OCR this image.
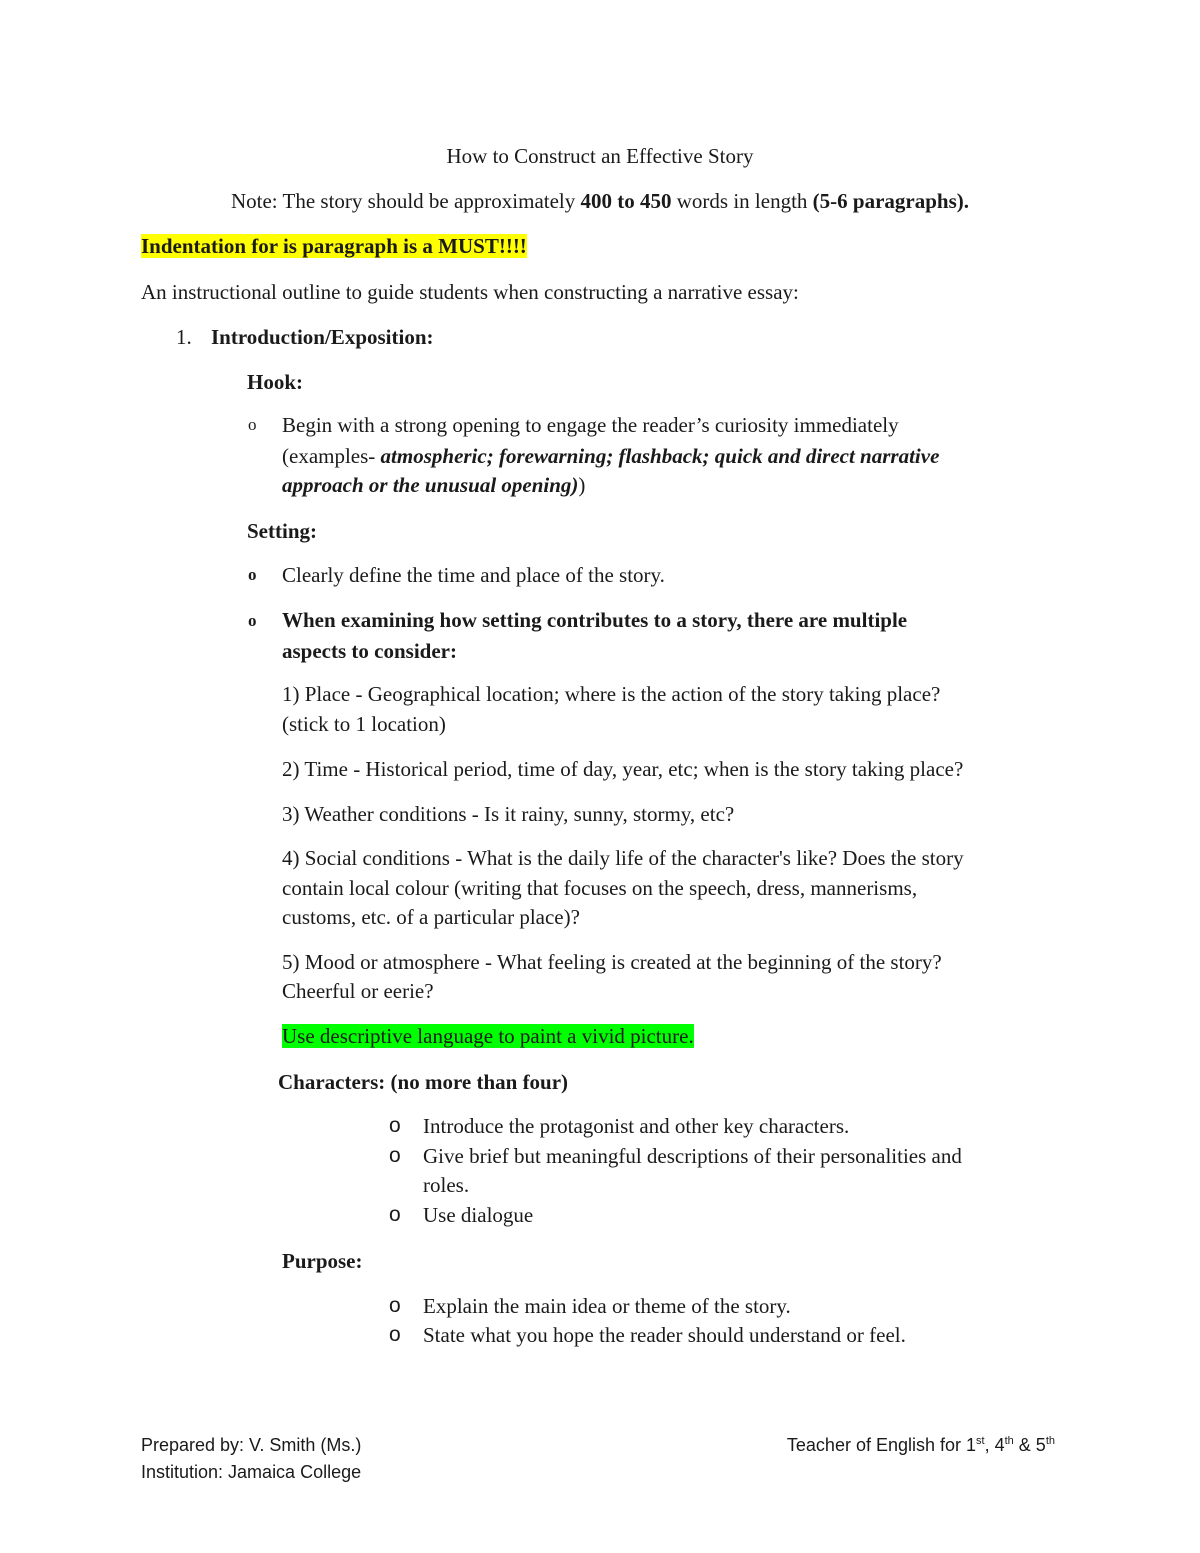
How to Construct an Effective Story
Note: The story should be approximately 400 to 450 words in length (5-6 paragraphs).
Indentation for is paragraph is a MUST!!!!
An instructional outline to guide students when constructing a narrative essay:
1. Introduction/Exposition:
Hook:
o Begin with a strong opening to engage the reader’s curiosity immediately
(examples- atmospheric; forewarning; flashback; quick and direct narrative
approach or the unusual opening))
Setting:
o Clearly define the time and place of the story.
o When examining how setting contributes to a story, there are multiple
aspects to consider:
1) Place - Geographical location; where is the action of the story taking place?
(stick to 1 location)
2) Time - Historical period, time of day, year, etc; when is the story taking place?
3) Weather conditions - Is it rainy, sunny, stormy, etc?
4) Social conditions - What is the daily life of the character's like? Does the story
contain local colour (writing that focuses on the speech, dress, mannerisms,
customs, etc. of a particular place)?
5) Mood or atmosphere - What feeling is created at the beginning of the story?
Cheerful or eerie?
Use descriptive language to paint a vivid picture.
Characters: (no more than four)
o Introduce the protagonist and other key characters.
o Give brief but meaningful descriptions of their personalities and
roles.
o Use dialogue
Purpose:
o Explain the main idea or theme of the story.
o State what you hope the reader should understand or feel.
Prepared by: V. Smith (Ms.)
Institution: Jamaica College
Teacher of English for 1st, 4th & 5th
